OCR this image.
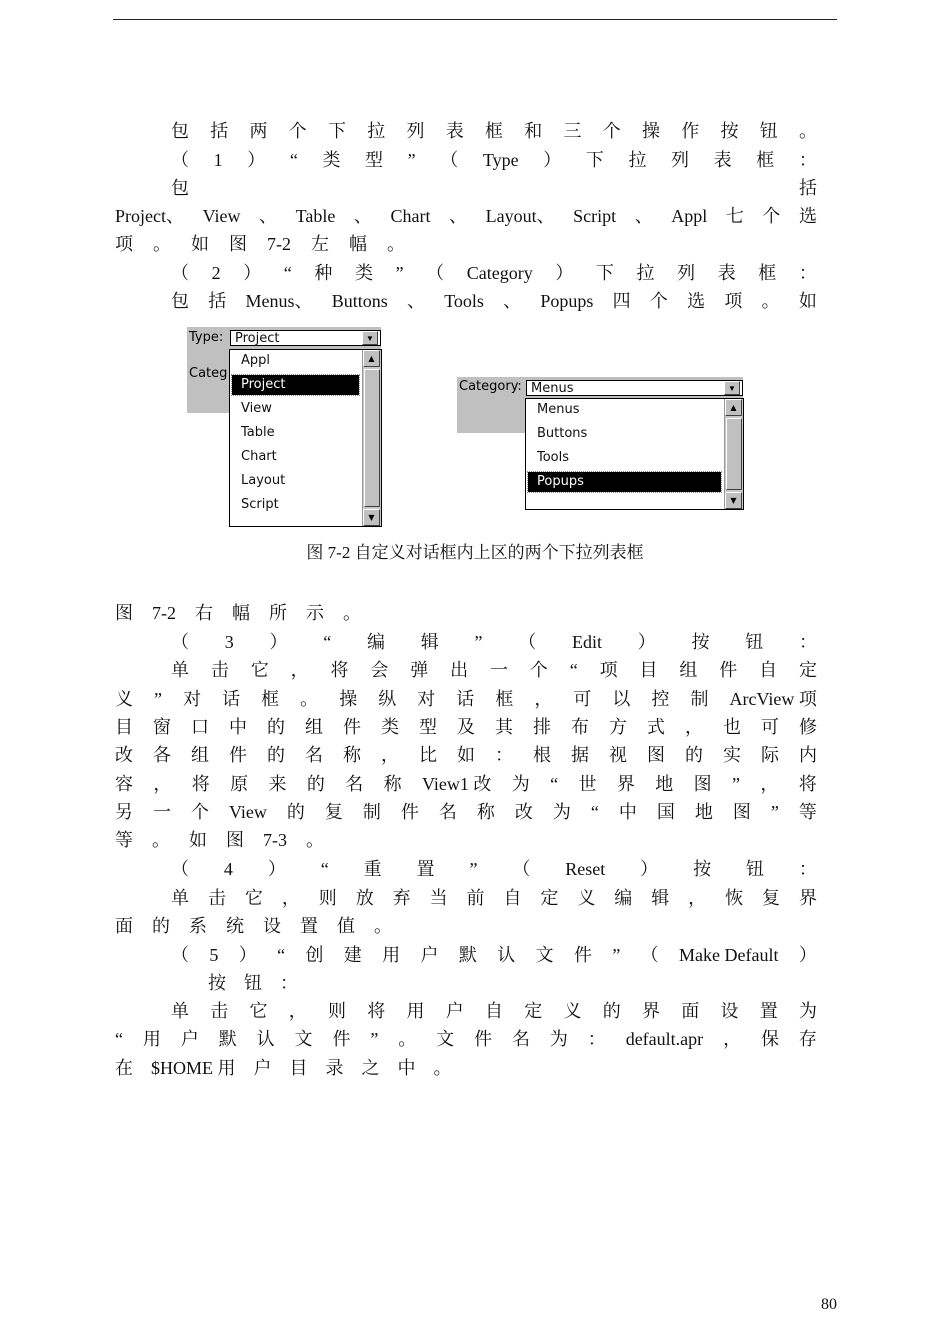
包 括 两 个 下 拉 列 表 框 和 三 个 操 作 按 钮 。
（ 1 ） “ 类 型 ” （ Type ） 下 拉 列 表 框 ：
包	括
Project、 View 、 Table 、 Chart 、 Layout、 Script 、 Appl 七 个 选
项 。 如 图 7-2 左 幅 。
（ 2 ） “ 种 类 ” （ Category ） 下 拉 列 表 框 ：
包 括 Menus、 Buttons 、 Tools 、 Popups 四 个 选 项 。 如
Type:
Categ
Project	▼
▲
▼
Appl
Project
View
Table
Chart
Layout
Script
Category: Menus	▼
▲
▼
Menus
Buttons
Tools
Popups
图 7-2 自定义对话框内上区的两个下拉列表框
图 7-2 右 幅 所 示 。
（ 3 ） “ 编 辑 ” （ Edit ） 按 钮 ：
单 击 它 ， 将 会 弹 出 一 个 “ 项 目 组 件 自 定
义 ” 对 话 框 。 操 纵 对 话 框 ， 可 以 控 制 ArcView 项
目 窗 口 中 的 组 件 类 型 及 其 排 布 方 式 ， 也 可 修
改 各 组 件 的 名 称 ， 比 如 ： 根 据 视 图 的 实 际 内
容 ， 将 原 来 的 名 称 View1 改 为 “ 世 界 地 图 ” ， 将
另 一 个 View 的 复 制 件 名 称 改 为 “ 中 国 地 图 ” 等
等 。 如 图 7-3 。
（ 4 ） “ 重 置 ” （ Reset ） 按 钮 ：
单 击 它 ， 则 放 弃 当 前 自 定 义 编 辑 ， 恢 复 界
面 的 系 统 设 置 值 。
（ 5 ） “ 创 建 用 户 默 认 文 件 ” （ Make Default ）
按 钮 ：
单 击 它 ， 则 将 用 户 自 定 义 的 界 面 设 置 为
“ 用 户 默 认 文 件 ” 。 文 件 名 为 ： default.apr ， 保 存
在 $HOME 用 户 目 录 之 中 。
80
